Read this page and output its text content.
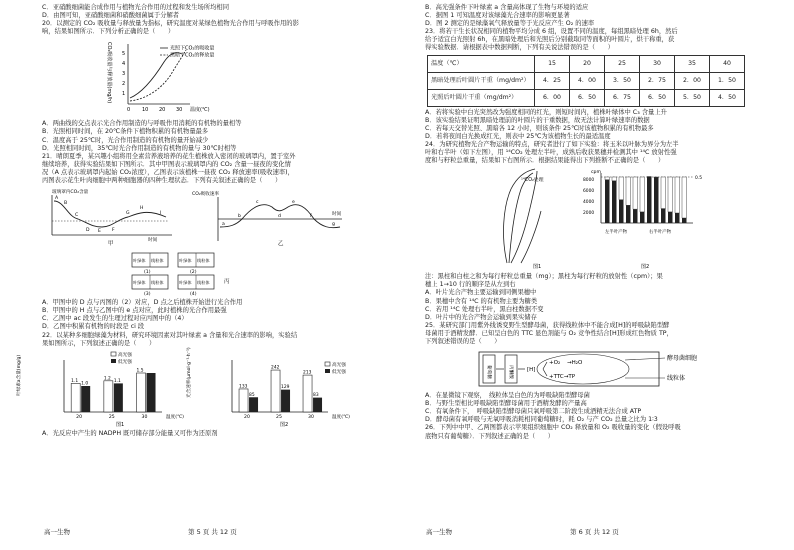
C．亚硝酸细菌能合成作用与植物光合作用的过程和发生场所均相同
D．由图可知，亚硝酸细菌和硝酸细菌属于分解者
20．以测定的 CO₂ 吸收量与释放量为指标，研究温度对某绿色植物光合作用与呼吸作用的影
响，结果如图所示．下列分析正确的是（　　）
CO₂吸收量与释放量(mg/h) 1
2
3
4
5
光照下CO₂的吸收量
黑暗下CO₂的释放量
0 10 20 30 温度(℃)
A．两曲线的交点表示光合作用制造的与呼吸作用消耗的有机物的量相等
B．光照相同时间，在 20℃条件下植物积累的有机物量最多
C．温度高于 25℃时，光合作用制造的有机物的量开始减少
D．光照相同时间，35℃时光合作用制造的有机物的量与 30℃时相等
21．晴朗夏季，某兴趣小组将用全素营养液培养的花生植株放入密闭的玻璃罩内，置于室外
继续培养，获得实验结果如下图所示．其中甲图表示玻璃罩内的 CO₂ 含量一昼夜的变化情
况（A 点表示玻璃罩内起始 CO₂浓度），乙图表示该植株一昼夜 CO₂ 释放速率(吸收速率)，
丙图表示花生叶肉细胞中两种细胞器的四种生理状态．下列有关叙述正确的是（　　）
玻璃罩内CO₂含量
A
B
C
D E F
G
H
I
时间
甲
CO₂吸收速率
a
b
c
d
e
f
g
时间
乙
叶绿体 线粒体	叶绿体 线粒体
叶绿体 线粒体	叶绿体 线粒体
(1)	(2)
(3)	(4)
丙
A．甲图中的 D 点与丙图的（2）对应，D 点之后植株开始进行光合作用
B．甲图中的 H 点与乙图中的 e 点对应，此时植株的光合作用最强
C．乙图中 ac 段发生的生理过程对应丙图中的（4）
D．乙图中积累有机物的时段是 ci 段
22．以某种多细胞绿藻为材料，研究环境因素对其叶绿素 a 含量和光合速率的影响，实验结
果如图所示，下列叙述正确的是（　　）
叶绿素a含量(mg/g)	光合速率(μmol·g⁻¹·h⁻¹)
高光强
低光强
高光强
低光强
温度(℃)	温度(℃)
图1	图2
1.1
1.0
20
1.2
1.1
25
1.5
30
133
85
20
242
129
25
213
83
30
A．光反应中产生的 NADPH 既可储存部分能量又可作为还原剂
高一生物	第 5 页 共 12 页
B．高光强条件下叶绿素 a 含量高体现了生物与环境的适应
C．据图 1 可知温度对该绿藻光合速率的影响更显著
D．图 2 测定的是绿藻氧气释放量等于光反应产生 O₂ 的速率
23．将若干生长状况相同的植物平均分成 6 组，设置不同的温度，每组黑暗处理 6h，然后
给予适宜白光照射 6h，在黑暗处理后和光照后分别截取同等面积的叶圆片，烘干称重，获
得实验数据．请根据表中数据判断，下列有关说法错误的是（　　）
温度（℃）	15	20	25	30	35	40
黑暗处理后叶圆片干重（mg/dm²）	4．25	4．00	3．50	2．75	2．00	1．50
光照后叶圆片干重（mg/dm²）	6．00	6．50	6．75	6．50	5．50	4．50
A．若将实验中白光突然改为强度相同的红光，则短时间内，植株叶绿体中 C₃ 含量上升
B．该实验结果证明黑暗处理前的叶圆片的干重数据，故无法计算叶绿速率的数据
C．若每天交替光照、黑暗各 12 小时，则该条件 25℃时该植物积累的有机物最多
D．若将夜间白光换成红光，则表中 25℃为该植物生长的最适温度
24．为研究植物光合产物运输的特点，研究者进行了如下实验：将玉米以叶脉为界分为左半
叶和右半叶（如下左图），用 ¹⁴CO₂ 处理左半叶，成熟后收获果穗并检测其中 ¹⁴C 放射性强
度和与籽粒总重量，结果如下右图所示．根据结果能得出下列推断不正确的是（　　）
¹⁴CO₂处理
图1
cpm
8000
6000
4000
2000
0.5
左半叶产物	右半叶产物
图2
注：黑柱和白柱之和为每行籽粒总重量（mg）；黑柱为每行籽粒的放射性（cpm）；果
穗上 1→10 行的顺序是从左到右
A．叶片光合产物主要运输到同侧果穗中
B．果穗中含有 ¹⁴C 的有机物主要为糖类
C．若用 ¹⁴C 处理右半叶，黑白柱数据不变
D．叶片中的光合产物会运输到果实储存
25．某研究部门用紫外线诱变野生型酵母菌，获得线粒体中不能合成[H]的呼吸缺陷型酵
母菌用于酒精发酵．已知呈白色的 TTC 显色剂能与 O₂ 竞争性结合[H]形成红色物质 TP，
下列叙述错误的是（　　）
葡萄糖	丙酮酸	[H]
+O₂ →H₂O
+TTC→TP
酵母菌细胞
线粒体
A．在显微镜下观察，　线粒体呈白色的为呼吸缺陷型酵母菌
B．与野生型相比呼吸缺陷型酵母菌用于酒精发酵的产量高
C．有氧条件下，　呼吸缺陷型酵母菌只氧呼吸第二阶段生成酒精无法合成 ATP
D．酵母菌有氧呼吸与无氧呼吸消耗相同葡萄糖时，耗 O₂ 与产 CO₂ 总量之比为 1∶3
26．下列中中甲、乙两图都表示苹果组织细胞中 CO₂ 释放量和 O₂ 吸收量的变化（假设呼吸
底物只有葡萄糖）．下列叙述正确的是（　　）
高一生物	第 6 页 共 12 页
